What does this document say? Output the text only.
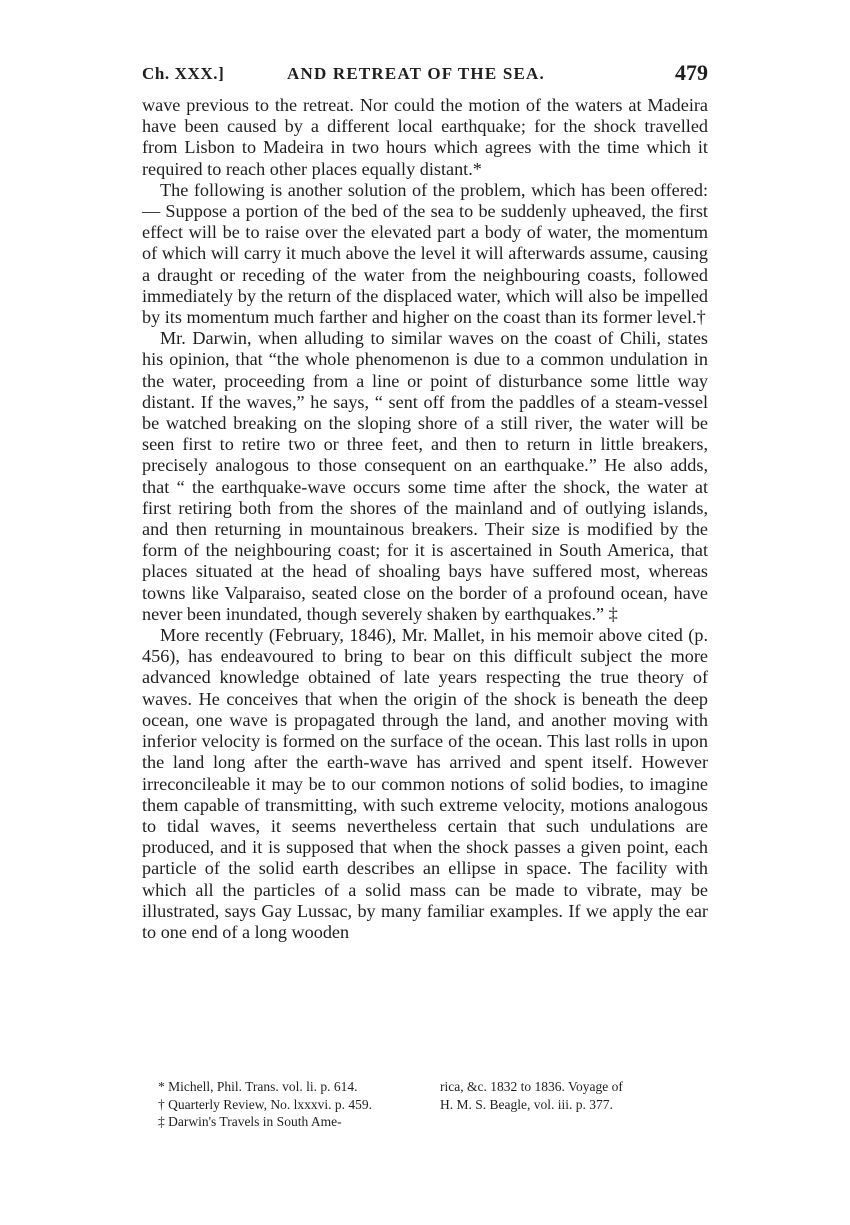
Ch. XXX.]	AND RETREAT OF THE SEA.	479

wave previous to the retreat. Nor could the motion of the waters at Madeira have been caused by a different local earthquake; for the shock travelled from Lisbon to Madeira in two hours which agrees with the time which it required to reach other places equally distant.*

The following is another solution of the problem, which has been offered: — Suppose a portion of the bed of the sea to be suddenly upheaved, the first effect will be to raise over the elevated part a body of water, the momentum of which will carry it much above the level it will afterwards assume, causing a draught or receding of the water from the neighbouring coasts, followed immediately by the return of the displaced water, which will also be impelled by its momentum much farther and higher on the coast than its former level.†

Mr. Darwin, when alluding to similar waves on the coast of Chili, states his opinion, that “the whole phenomenon is due to a common undulation in the water, proceeding from a line or point of disturbance some little way distant. If the waves,” he says, “ sent off from the paddles of a steam-vessel be watched breaking on the sloping shore of a still river, the water will be seen first to retire two or three feet, and then to return in little breakers, precisely analogous to those consequent on an earthquake.” He also adds, that “ the earthquake-wave occurs some time after the shock, the water at first retiring both from the shores of the mainland and of outlying islands, and then returning in mountainous breakers. Their size is modified by the form of the neighbouring coast; for it is ascertained in South America, that places situated at the head of shoaling bays have suffered most, whereas towns like Valparaiso, seated close on the border of a profound ocean, have never been inundated, though severely shaken by earthquakes.” ‡

More recently (February, 1846), Mr. Mallet, in his memoir above cited (p. 456), has endeavoured to bring to bear on this difficult subject the more advanced knowledge obtained of late years respecting the true theory of waves. He conceives that when the origin of the shock is beneath the deep ocean, one wave is propagated through the land, and another moving with inferior velocity is formed on the surface of the ocean. This last rolls in upon the land long after the earth-wave has arrived and spent itself. However irreconcileable it may be to our common notions of solid bodies, to imagine them capable of transmitting, with such extreme velocity, motions analogous to tidal waves, it seems nevertheless certain that such undulations are produced, and it is supposed that when the shock passes a given point, each particle of the solid earth describes an ellipse in space. The facility with which all the particles of a solid mass can be made to vibrate, may be illustrated, says Gay Lussac, by many familiar examples. If we apply the ear to one end of a long wooden

* Michell, Phil. Trans. vol. li. p. 614.
† Quarterly Review, No. lxxxvi. p. 459.
‡ Darwin's Travels in South Ame-
rica, &c. 1832 to 1836. Voyage of
H. M. S. Beagle, vol. iii. p. 377.
